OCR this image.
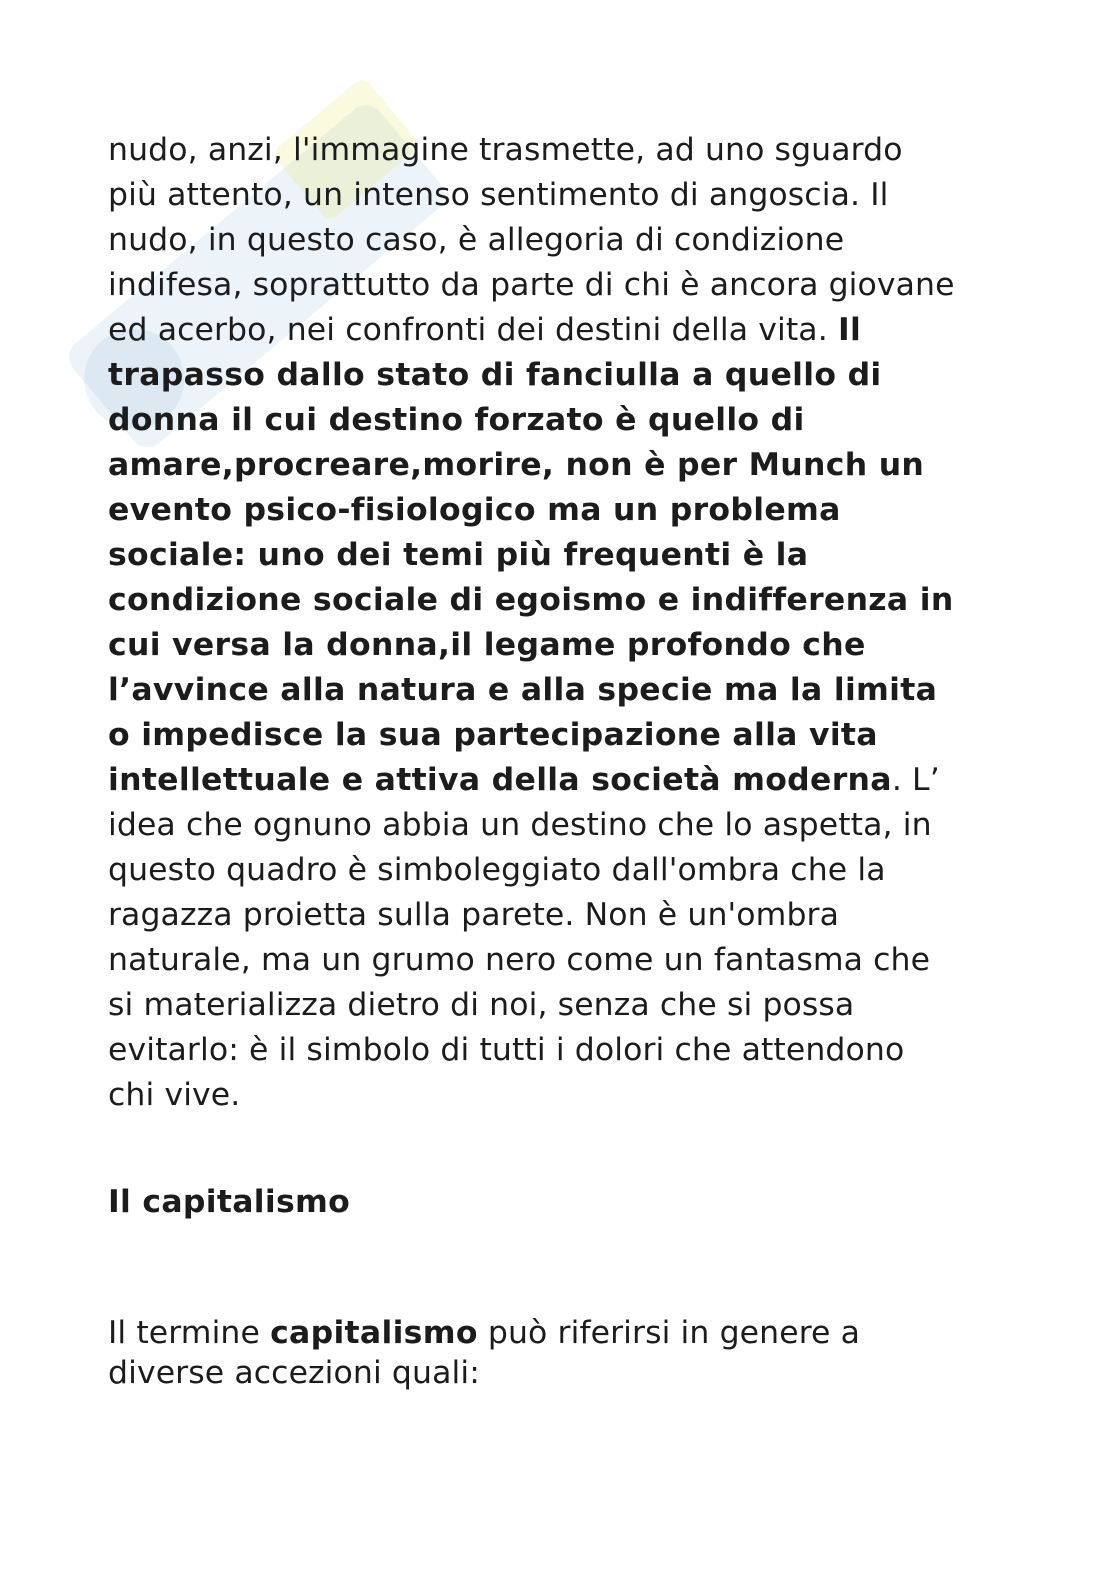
nudo, anzi, l'immagine trasmette, ad uno sguardo
più attento, un intenso sentimento di angoscia. Il
nudo, in questo caso, è allegoria di condizione
indifesa, soprattutto da parte di chi è ancora giovane
ed acerbo, nei confronti dei destini della vita. Il
trapasso dallo stato di fanciulla a quello di
donna il cui destino forzato è quello di
amare,procreare,morire, non è per Munch un
evento psico-fisiologico ma un problema
sociale: uno dei temi più frequenti è la
condizione sociale di egoismo e indifferenza in
cui versa la donna,il legame profondo che
l’avvince alla natura e alla specie ma la limita
o impedisce la sua partecipazione alla vita
intellettuale e attiva della società moderna. L’
idea che ognuno abbia un destino che lo aspetta, in
questo quadro è simboleggiato dall'ombra che la
ragazza proietta sulla parete. Non è un'ombra
naturale, ma un grumo nero come un fantasma che
si materializza dietro di noi, senza che si possa
evitarlo: è il simbolo di tutti i dolori che attendono
chi vive.

Il capitalismo

Il termine capitalismo può riferirsi in genere a
diverse accezioni quali:
